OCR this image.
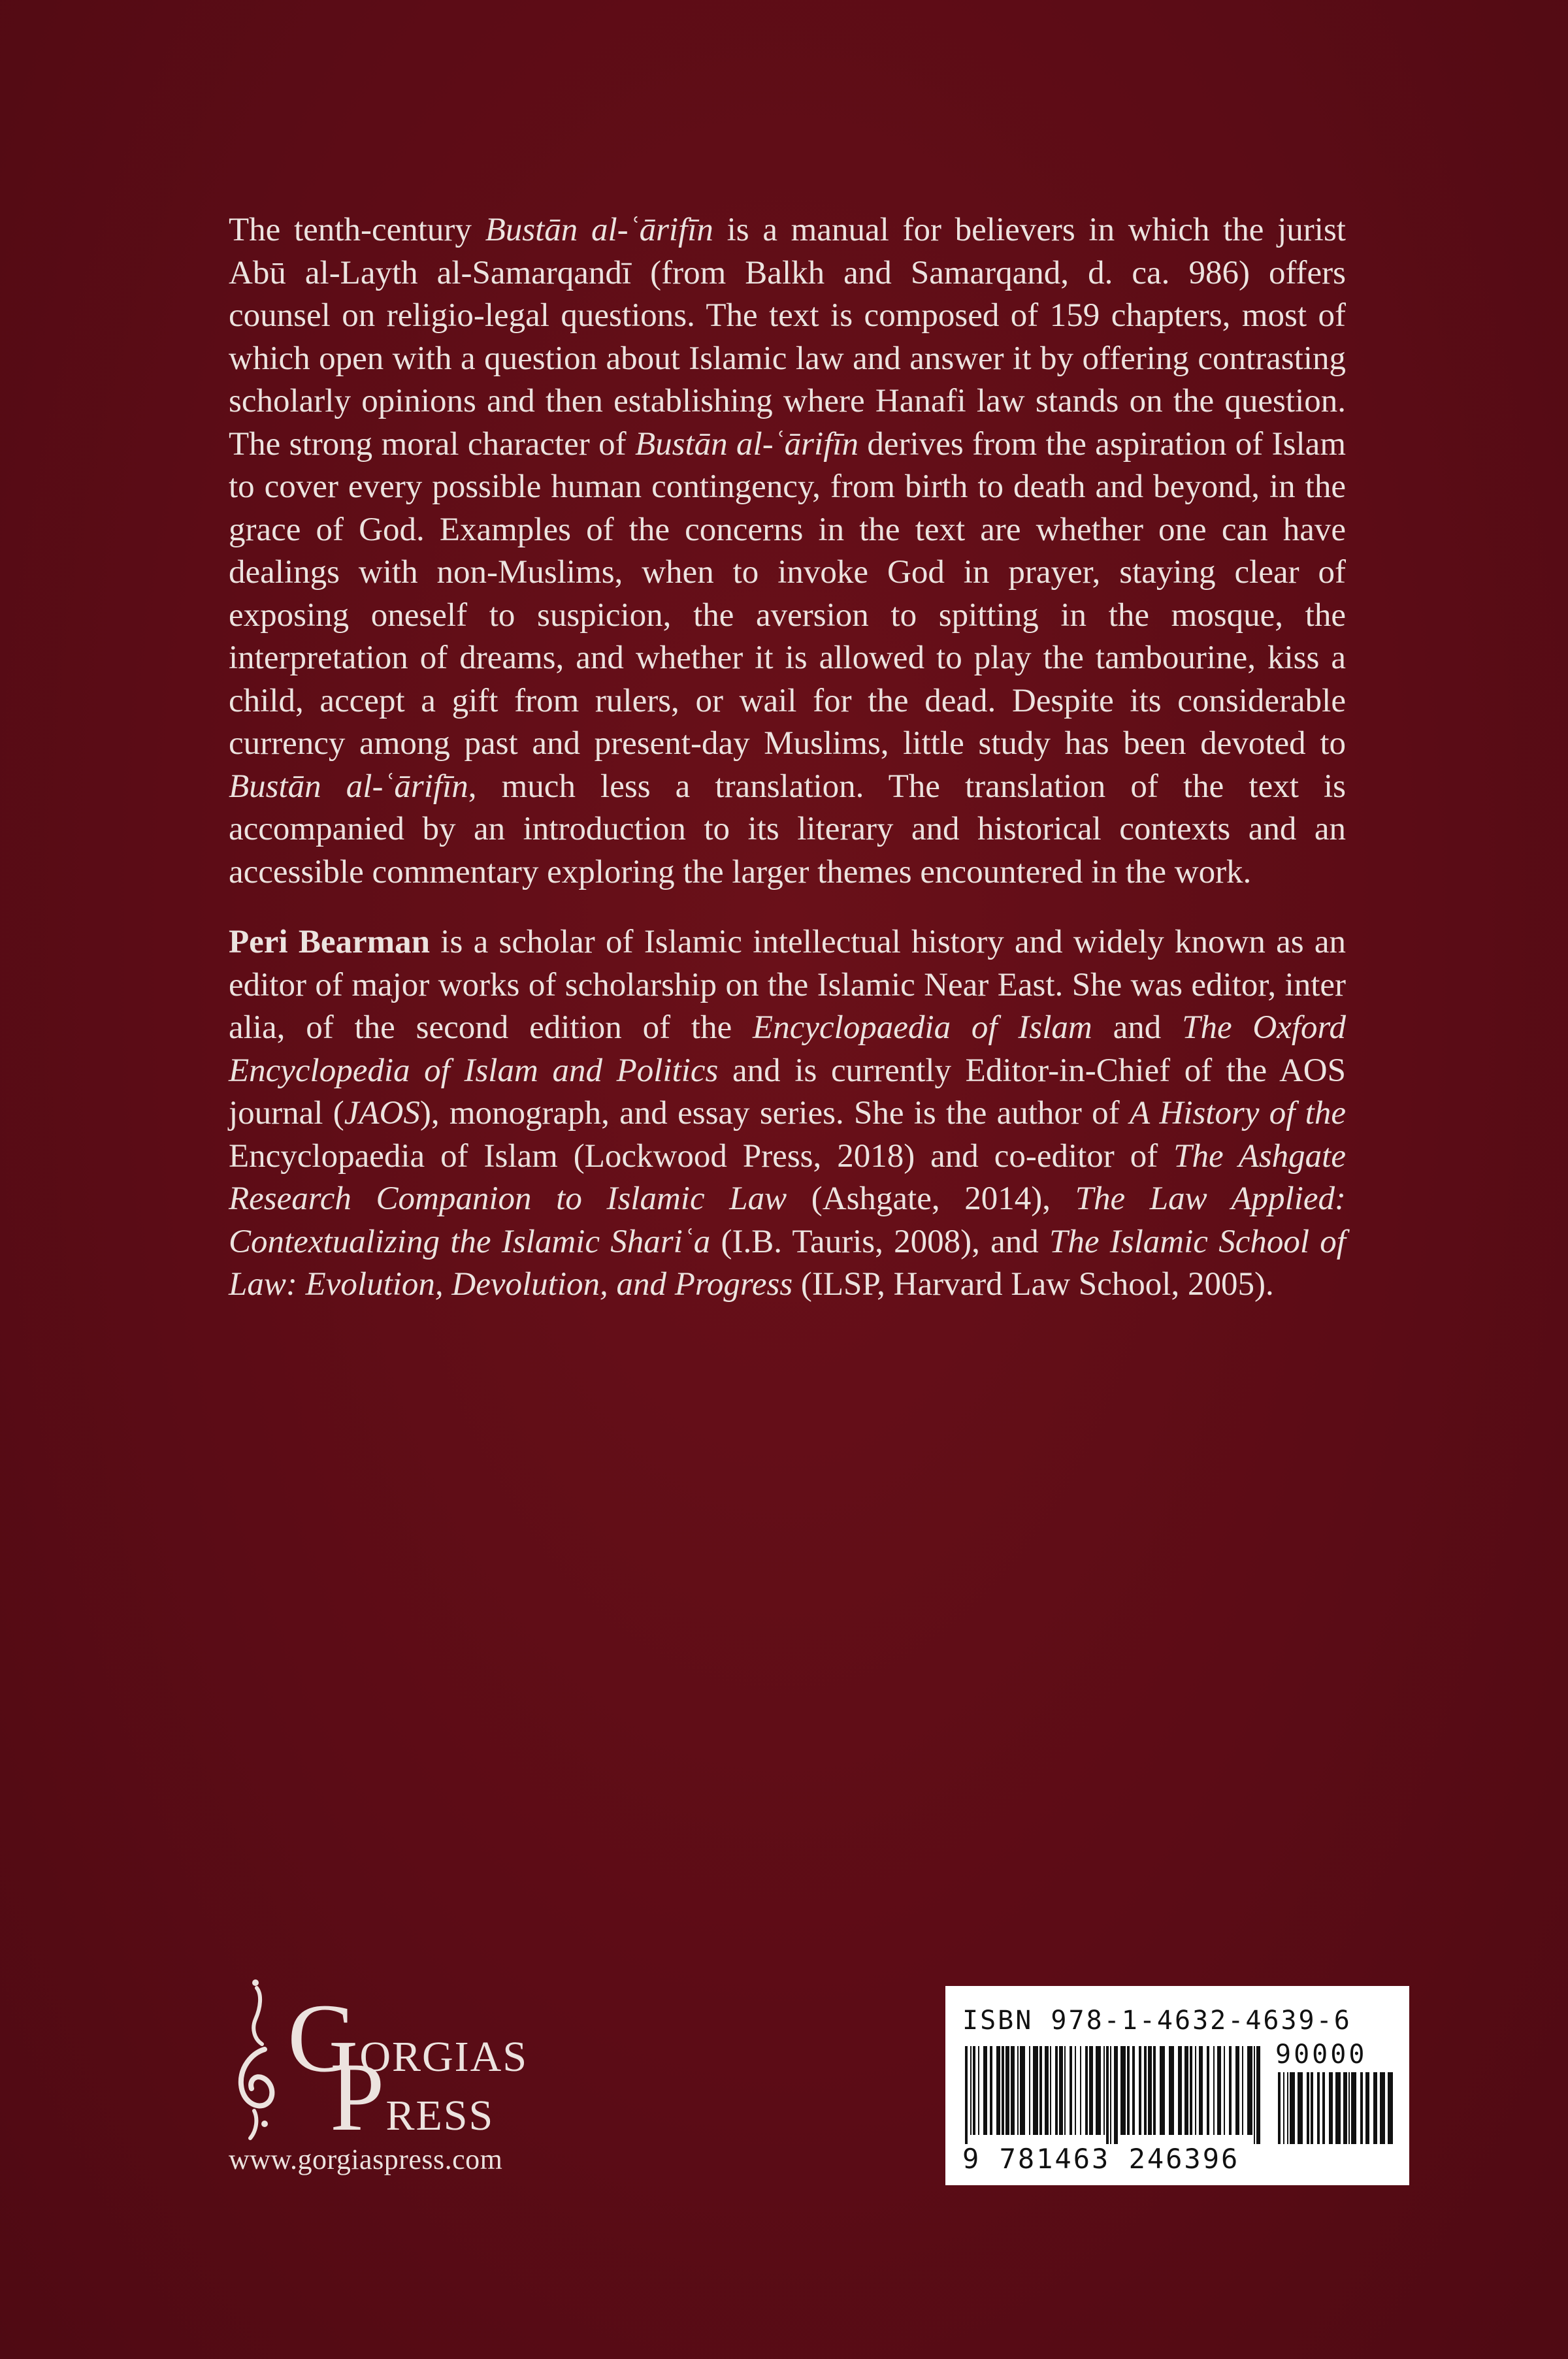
The tenth-century Bustān al-ʿārifīn is a manual for believers in which the jurist Abū al-Layth al-Samarqandī (from Balkh and Samarqand, d. ca. 986) offers counsel on religio-legal questions. The text is composed of 159 chapters, most of which open with a question about Islamic law and answer it by offering contrasting scholarly opinions and then establishing where Hanafi law stands on the question. The strong moral character of Bustān al-ʿārifīn derives from the aspiration of Islam to cover every possible human contingency, from birth to death and beyond, in the grace of God. Examples of the concerns in the text are whether one can have dealings with non-Muslims, when to invoke God in prayer, staying clear of exposing oneself to suspicion, the aversion to spitting in the mosque, the interpretation of dreams, and whether it is allowed to play the tambourine, kiss a child, accept a gift from rulers, or wail for the dead. Despite its considerable currency among past and present-day Muslims, little study has been devoted to Bustān al-ʿārifīn, much less a translation. The translation of the text is accompanied by an introduction to its literary and historical contexts and an accessible commentary exploring the larger themes encountered in the work.

Peri Bearman is a scholar of Islamic intellectual history and widely known as an editor of major works of scholarship on the Islamic Near East. She was editor, inter alia, of the second edition of the Encyclopaedia of Islam and The Oxford Encyclopedia of Islam and Politics and is currently Editor-in-Chief of the AOS journal (JAOS), monograph, and essay series. She is the author of A History of the Encyclopaedia of Islam (Lockwood Press, 2018) and co-editor of The Ashgate Research Companion to Islamic Law (Ashgate, 2014), The Law Applied: Contextualizing the Islamic Shariʿa (I.B. Tauris, 2008), and The Islamic School of Law: Evolution, Devolution, and Progress (ILSP, Harvard Law School, 2005).

GORGIAS
PRESS
www.gorgiaspress.com
ISBN 978-1-4632-4639-6
90000
9 781463 246396
